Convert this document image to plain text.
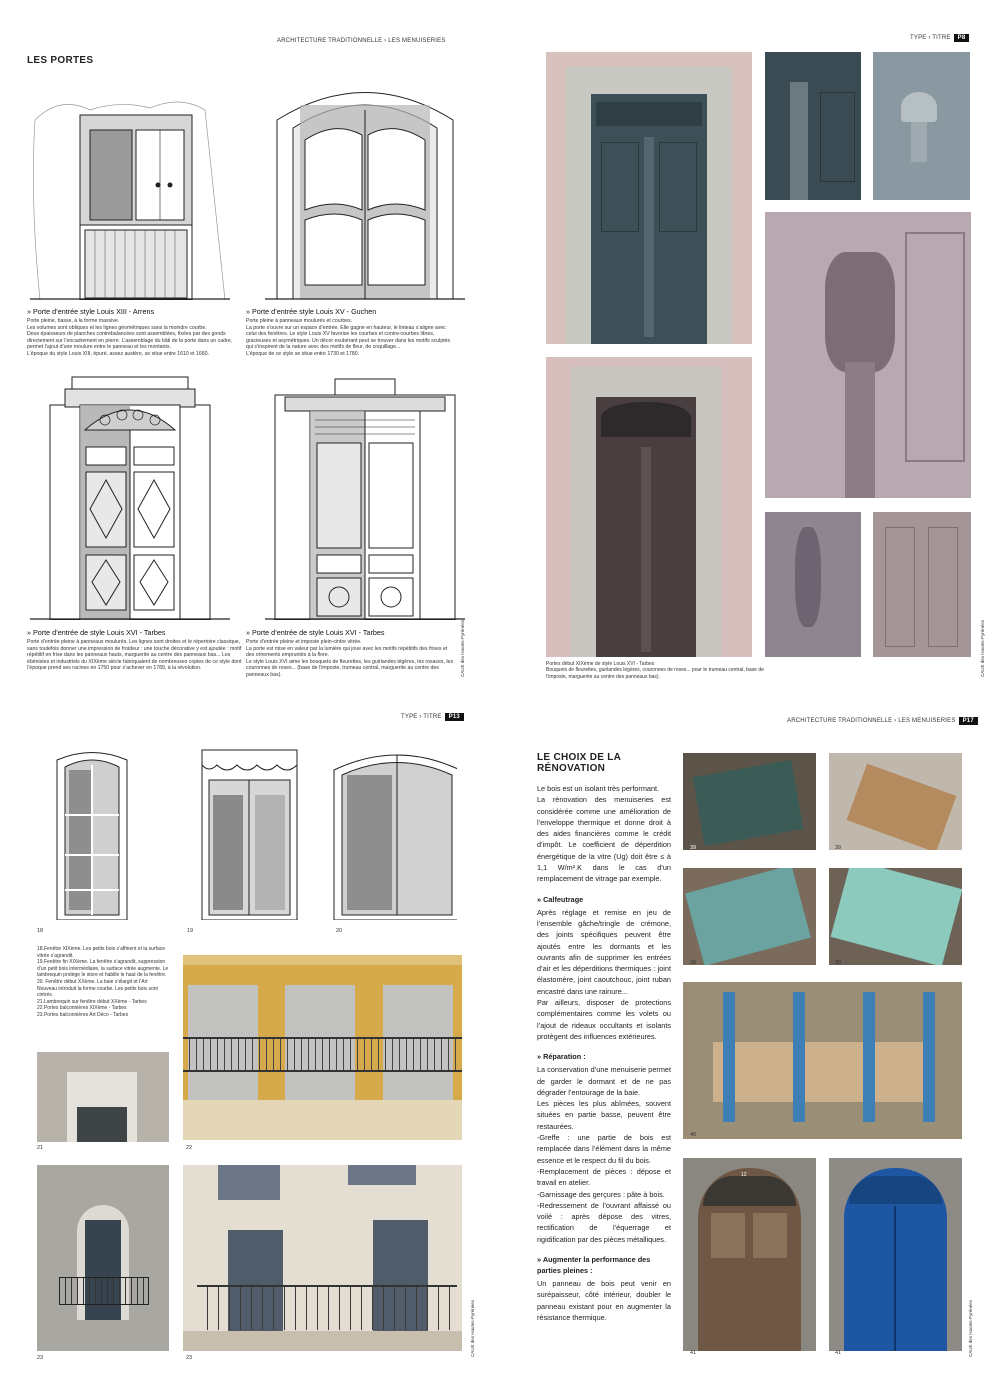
ARCHITECTURE TRADITIONNELLE › LES MENUISERIES
LES PORTES
» Porte d’entrée style Louis XIII - Arrens
Porte pleine, basse, à la forme massive.
Les volumes sont obliques et les lignes géométriques sans la moindre courbe.
Deux épaisseurs de planches contrebalancées sont assemblées, fixées par des gonds directement sur l’encadrement en pierre. L’assemblage du bâti de la porte dans un cadre, permet l’ajout d’une moulure entre le panneau et les montants.
L’époque du style Louis XIII, épuré, assez austère, se situe entre 1610 et 1660.
» Porte d’entrée style Louis XV - Guchen
Porte pleine à panneaux moulurés et courbes.
La porte s’ouvre sur un espace d’entrée. Elle gagne en hauteur, le linteau s’aligne avec celui des fenêtres. Le style Louis XV favorise les courbes et contre-courbes libres, gracieuses et asymétriques. Un décor exubérant peut se trouver dans les motifs sculptés qui s’inspirent de la nature avec des motifs de fleur, de coquillage...
L’époque de ce style se situe entre 1730 et 1780.
» Porte d’entrée de style Louis XVI - Tarbes
Porte d’entrée pleine à panneaux moulurés. Les lignes sont droites et le répertoire classique, sans toutefois donner une impression de froideur : une touche décorative y est ajoutée : motif répétitif en frise dans les panneaux hauts, marguerite au centre des panneaux bas... Les ébénistes et industriels du XIXème siècle fabriquaient de nombreuses copies de ce style dont l’époque prend ses racines en 1750 pour s’achever en 1789, à la révolution.
» Porte d’entrée de style Louis XVI - Tarbes
Porte d’entrée pleine et imposte plein-cintre vitrée.
La porte est mise en valeur par la lumière qui joue avec les motifs répétitifs des frises et des ornements empruntés à la flore.
Le style Louis XVI aime les bouquets de fleurettes, les guirlandes légères, les rosaces, les couronnes de roses... (base de l’imposte, trumeau central, marguerite au centre des panneaux bas).	CAUE des Hautes-Pyrénées
TYPE › TITRE P8
Portes début XIXème de style Louis XVI - Tarbes
Bouquets de fleurettes, guirlandes légères, couronnes de roses... pour le trumeau central, base de l’imposte, marguerite au centre des panneaux bas).	CAUE des Hautes-Pyrénées
TYPE › TITRE P13
18	19	20
18.Fenêtre XIXème. Les petits bois s’affinent et la surface vitrée s’agrandit.
19.Fenêtre fin XIXème. La fenêtre s’agrandit, suppression d’un petit bois intermédiaire, la surface vitrée augmente. Le lambrequin protège le store et habille le haut de la fenêtre.
20. Fenêtre début XXème. La baie s’élargit et l’Art Nouveau introduit la forme courbe. Les petits bois sont cintrés.
21.Lambrequin sur fenêtre début XXème - Tarbes
22.Portes balconnières XIXème - Tarbes
23.Portes balconnières Art Déco - Tarbes
21	22
23	23
CAUE des Hautes-Pyrénées
ARCHITECTURE TRADITIONNELLE › LES MENUISERIES P17
LE CHOIX DE LA RÉNOVATION
Le bois est un isolant très performant.
La rénovation des menuiseries est considérée comme une amélioration de l’enveloppe thermique et donne droit à des aides financières comme le crédit d’impôt. Le coefficient de déperdition énergétique de la vitre (Ug) doit être ≤ à 1,1 W/m².K dans le cas d’un remplacement de vitrage par exemple.
» Calfeutrage
Après réglage et remise en jeu de l’ensemble gâche/tringle de crémone, des joints spécifiques peuvent être ajoutés entre les dormants et les ouvrants afin de supprimer les entrées d’air et les déperditions thermiques : joint élastomère, joint caoutchouc, joint ruban encastré dans une rainure...
Par ailleurs, disposer de protections complémentaires comme les volets ou l’ajout de rideaux occultants et isolants protègent des influences extérieures.
» Réparation :
La conservation d’une menuiserie permet de garder le dormant et de ne pas dégrader l’entourage de la baie.
Les pièces les plus abîmées, souvent situées en partie basse, peuvent être restaurées.
-Greffe : une partie de bois est remplacée dans l’élément dans la même essence et le respect du fil du bois.
-Remplacement de pièces : dépose et travail en atelier.
-Garnissage des gerçures : pâte à bois.
-Redressement de l’ouvrant affaissé ou voilé : après dépose des vitres, rectification de l’équerrage et rigidification par des pièces métalliques.
» Augmenter la performance des parties pleines :
Un panneau de bois peut venir en surépaisseur, côté intérieur, doubler le panneau existant pour en augmenter la résistance thermique.
39	39
39	39
40
12
41	41	CAUE des Hautes-Pyrénées
